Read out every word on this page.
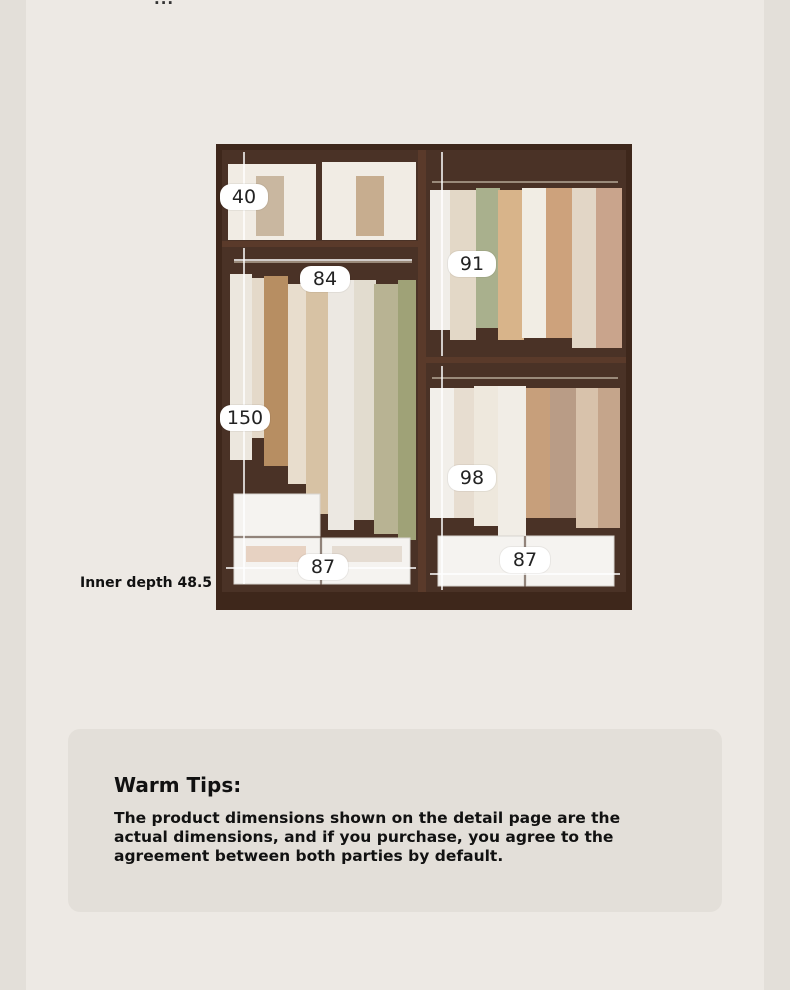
40
84
91
150
98
87	87
Inner depth 48.5
Warm Tips:
The product dimensions shown on the detail page are the actual dimensions, and if you purchase, you agree to the agreement between both parties by default.
